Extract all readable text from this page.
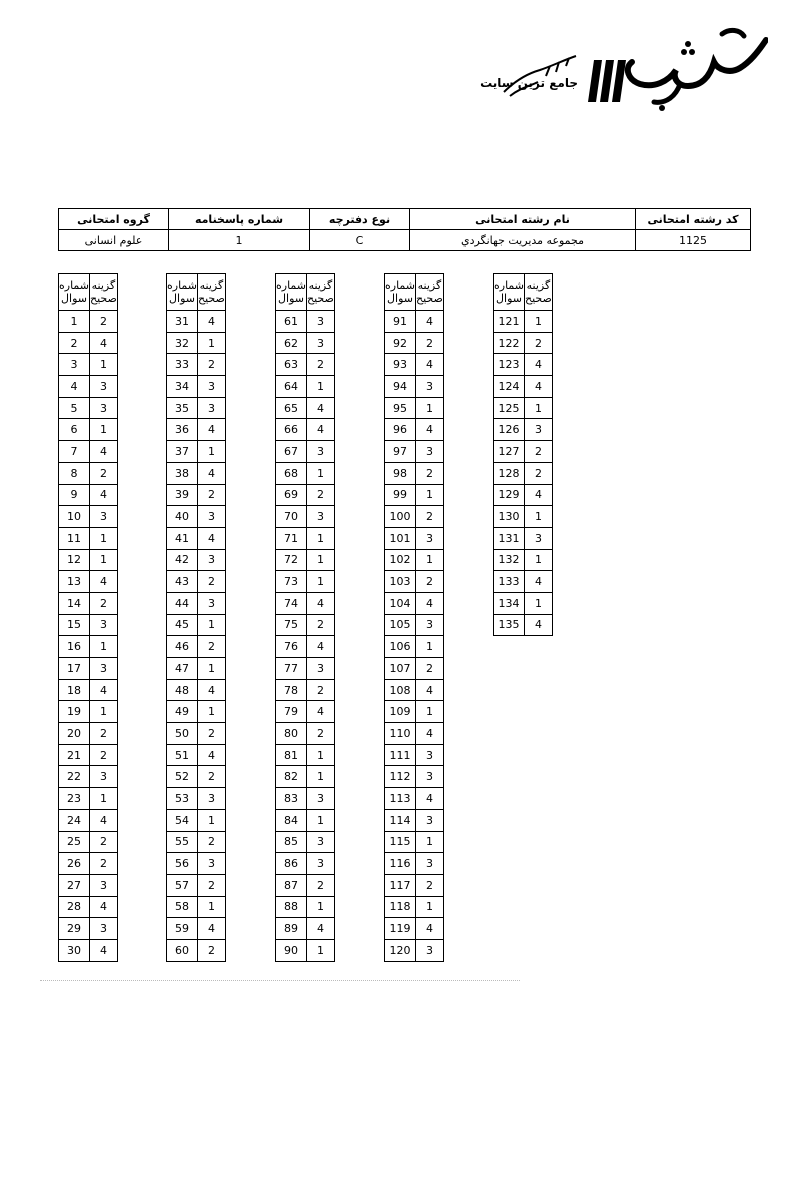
جامع ترین سایت
کد رشته امتحانی	نام رشته امتحانی	نوع دفترچه	شماره پاسخنامه	گروه امتحانی
1125	مجموعه مديريت جهانگردي	C	1	علوم انسانی
شماره
سوال	گزینه
صحیح
1	2
2	4
3	1
4	3
5	3
6	1
7	4
8	2
9	4
10	3
11	1
12	1
13	4
14	2
15	3
16	1
17	3
18	4
19	1
20	2
21	2
22	3
23	1
24	4
25	2
26	2
27	3
28	4
29	3
30	4
شماره
سوال	گزینه
صحیح
31	4
32	1
33	2
34	3
35	3
36	4
37	1
38	4
39	2
40	3
41	4
42	3
43	2
44	3
45	1
46	2
47	1
48	4
49	1
50	2
51	4
52	2
53	3
54	1
55	2
56	3
57	2
58	1
59	4
60	2
شماره
سوال	گزینه
صحیح
61	3
62	3
63	2
64	1
65	4
66	4
67	3
68	1
69	2
70	3
71	1
72	1
73	1
74	4
75	2
76	4
77	3
78	2
79	4
80	2
81	1
82	1
83	3
84	1
85	3
86	3
87	2
88	1
89	4
90	1
شماره
سوال	گزینه
صحیح
91	4
92	2
93	4
94	3
95	1
96	4
97	3
98	2
99	1
100	2
101	3
102	1
103	2
104	4
105	3
106	1
107	2
108	4
109	1
110	4
111	3
112	3
113	4
114	3
115	1
116	3
117	2
118	1
119	4
120	3
شماره
سوال	گزینه
صحیح
121	1
122	2
123	4
124	4
125	1
126	3
127	2
128	2
129	4
130	1
131	3
132	1
133	4
134	1
135	4
